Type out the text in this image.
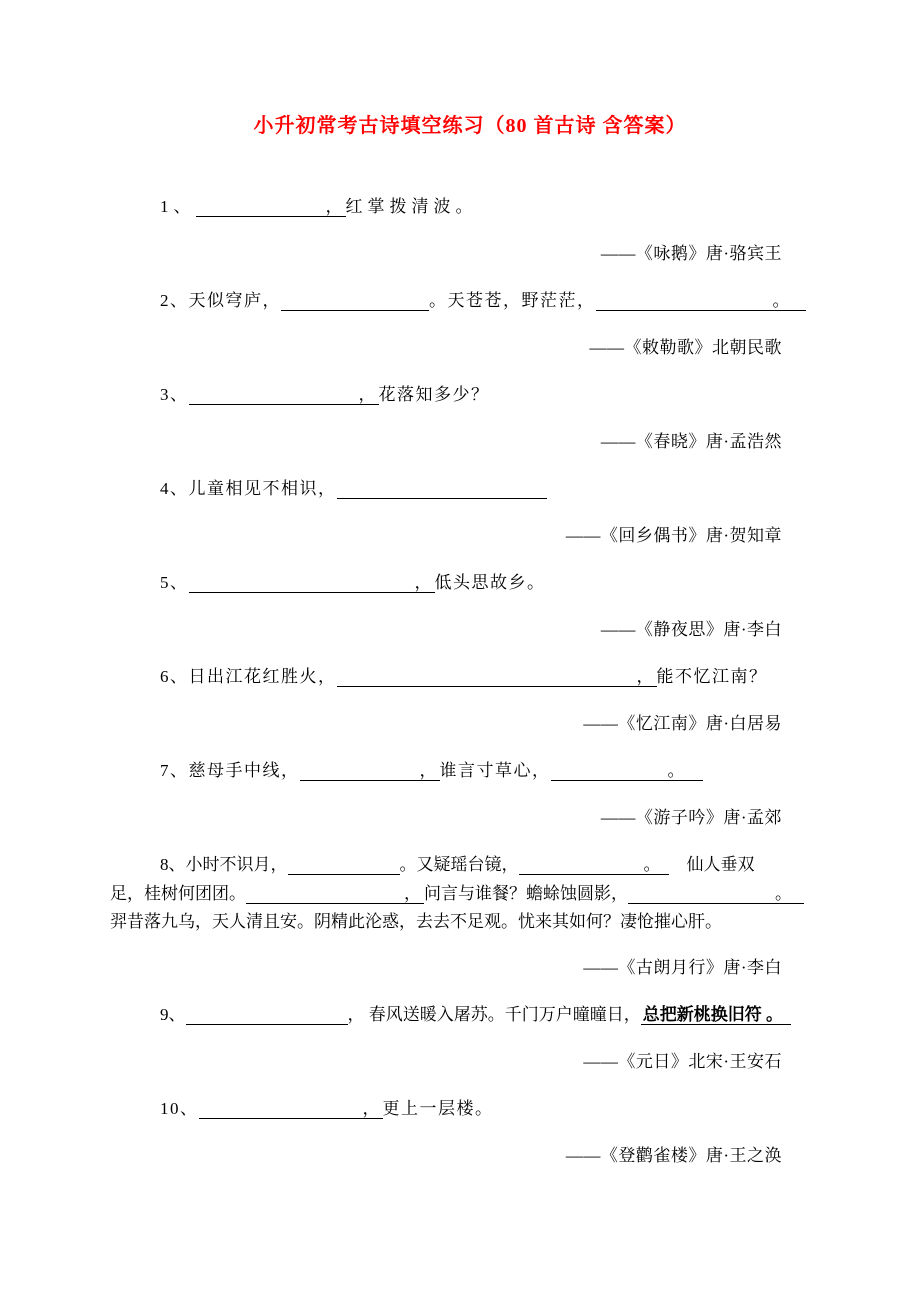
小升初常考古诗填空练习（80 首古诗 含答案）
1、	， 红掌拨清波。
——《咏鹅》唐·骆宾王
2、天似穹庐，	。天苍苍，野茫茫，	。
——《敕勒歌》北朝民歌
3、	， 花落知多少？
——《春晓》唐·孟浩然
4、儿童相见不相识，
——《回乡偶书》唐·贺知章
5、	， 低头思故乡。
——《静夜思》唐·李白
6、日出江花红胜火，	， 能不忆江南？
——《忆江南》唐·白居易
7、慈母手中线，	， 谁言寸草心，	。
——《游子吟》唐·孟郊
8、小时不识月，	。又疑瑶台镜，	。 仙人垂双
足，桂树何团团。	， 问言与谁餐？蟾蜍蚀圆影，	。
羿昔落九乌，天人清且安。阴精此沦惑，去去不足观。忧来其如何？凄怆摧心肝。
——《古朗月行》唐·李白
9、	， 春风送暖入屠苏。千门万户曈曈日， 总把新桃换旧符 。
——《元日》北宋·王安石
10、	， 更上一层楼。
——《登鹳雀楼》唐·王之涣
